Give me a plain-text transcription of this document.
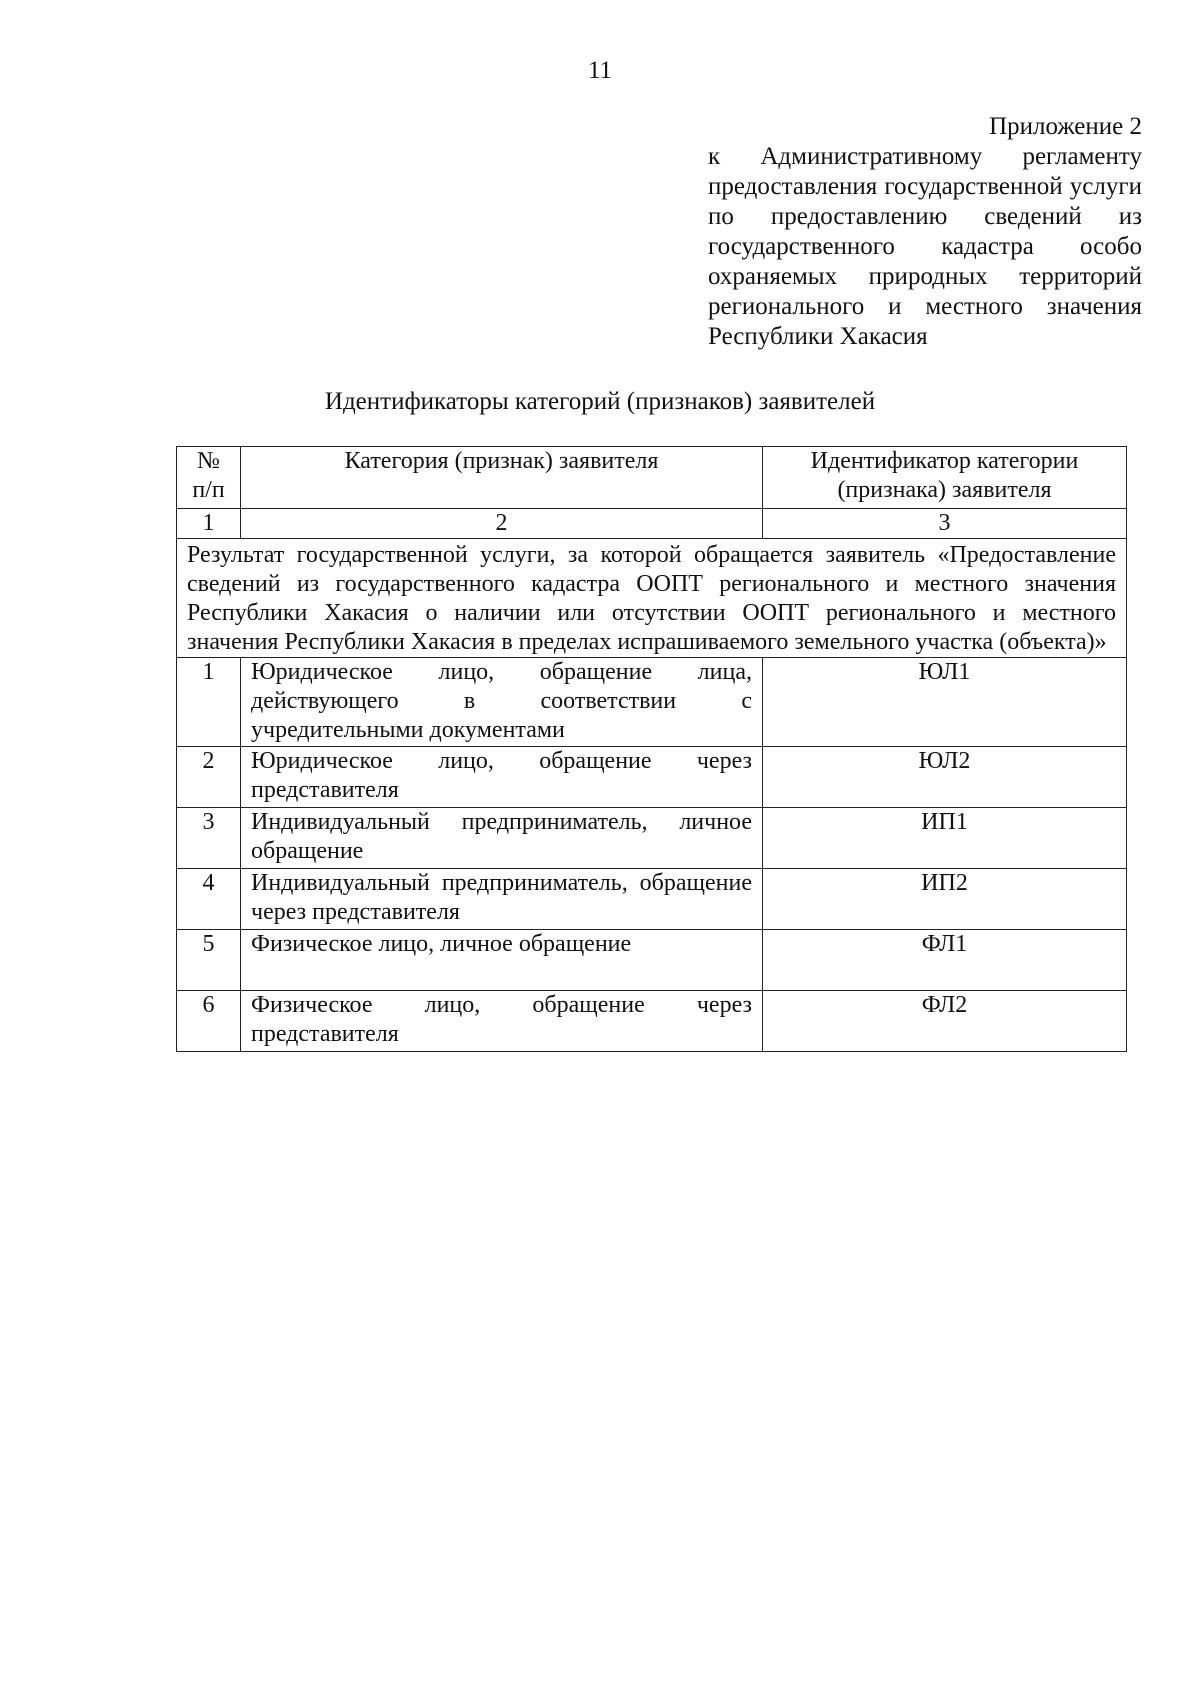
11
Приложение 2
к Административному регламенту предоставления государственной услуги по предоставлению сведений из государственного кадастра особо охраняемых природных территорий регионального и местного значения Республики Хакасия
Идентификаторы категорий (признаков) заявителей
№ п/п	Категория (признак) заявителя	Идентификатор категории (признака) заявителя
1	2	3
Результат государственной услуги, за которой обращается заявитель «Предоставление сведений из государственного кадастра ООПТ регионального и местного значения Республики Хакасия о наличии или отсутствии ООПТ регионального и местного значения Республики Хакасия в пределах испрашиваемого земельного участка (объекта)»		
1	Юридическое лицо, обращение лица, действующего в соответствии с учредительными документами	ЮЛ1
2	Юридическое лицо, обращение через представителя	ЮЛ2
3	Индивидуальный предприниматель, личное обращение	ИП1
4	Индивидуальный предприниматель, обращение через представителя	ИП2
5	Физическое лицо, личное обращение	ФЛ1
6	Физическое лицо, обращение через представителя	ФЛ2
